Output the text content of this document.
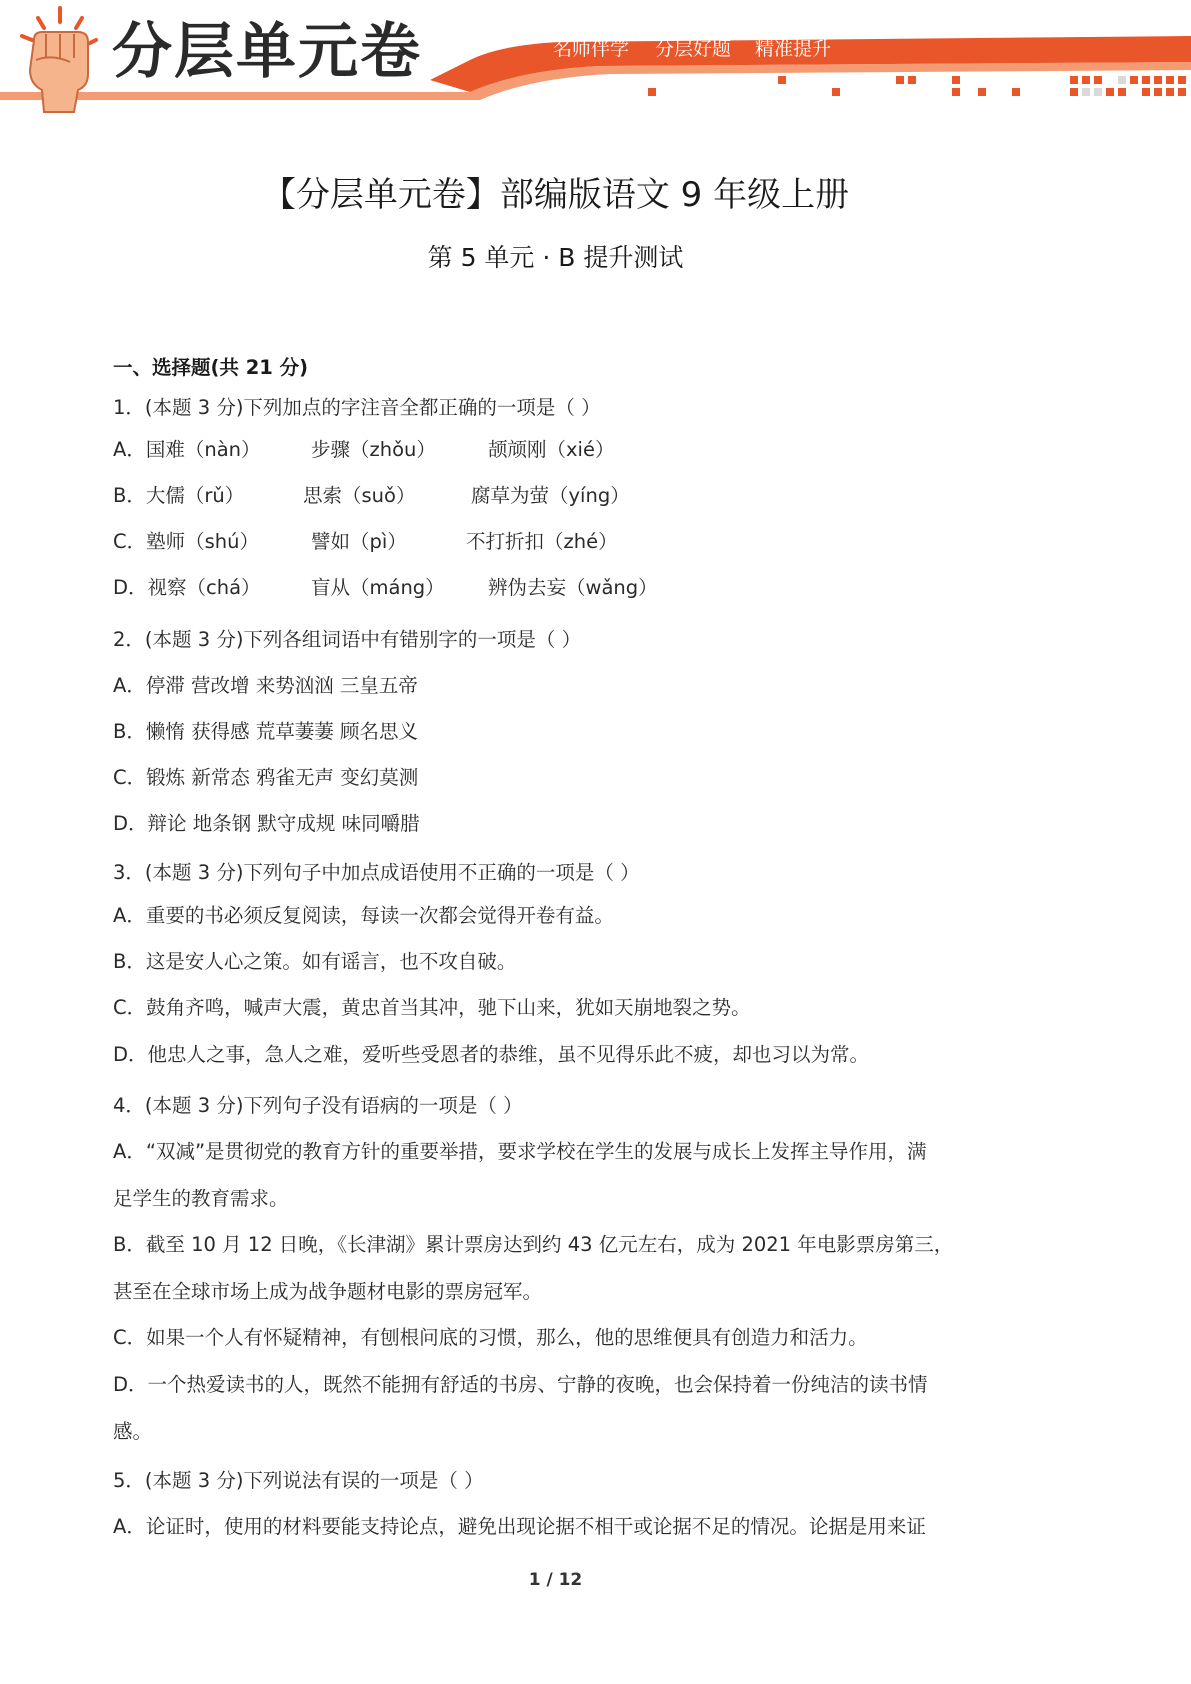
分层单元卷	名师伴学 分层好题 精准提升
【分层单元卷】部编版语文 9 年级上册
第 5 单元 · B 提升测试
一、选择题(共 21 分)
1．(本题 3 分)下列加点的字注音全都正确的一项是（ ）
A．国难（nàn）	步骤（zhǒu）	颉颃刚（xié）
B．大儒（rǔ）	思索（suǒ）	腐草为萤（yíng）
C．塾师（shú）	譬如（pì）	不打折扣（zhé）
D．视察（chá）	盲从（máng） 辨伪去妄（wǎng）
2．(本题 3 分)下列各组词语中有错别字的一项是（ ）
A．停滞 营改增 来势汹汹 三皇五帝
B．懒惰 获得感 荒草萋萋 顾名思义
C．锻炼 新常态 鸦雀无声 变幻莫测
D．辩论 地条钢 默守成规 味同嚼腊
3．(本题 3 分)下列句子中加点成语使用不正确的一项是（ ）
A．重要的书必须反复阅读，每读一次都会觉得开卷有益。
B．这是安人心之策。如有谣言，也不攻自破。
C．鼓角齐鸣，喊声大震，黄忠首当其冲，驰下山来，犹如天崩地裂之势。
D．他忠人之事，急人之难，爱听些受恩者的恭维，虽不见得乐此不疲，却也习以为常。
4．(本题 3 分)下列句子没有语病的一项是（ ）
A．“双减”是贯彻党的教育方针的重要举措，要求学校在学生的发展与成长上发挥主导作用，满
足学生的教育需求。
B．截至 10 月 12 日晚，《长津湖》累计票房达到约 43 亿元左右，成为 2021 年电影票房第三，
甚至在全球市场上成为战争题材电影的票房冠军。
C．如果一个人有怀疑精神，有刨根问底的习惯，那么，他的思维便具有创造力和活力。
D．一个热爱读书的人，既然不能拥有舒适的书房、宁静的夜晚，也会保持着一份纯洁的读书情
感。
5．(本题 3 分)下列说法有误的一项是（ ）
A．论证时，使用的材料要能支持论点，避免出现论据不相干或论据不足的情况。论据是用来证
1 / 12
